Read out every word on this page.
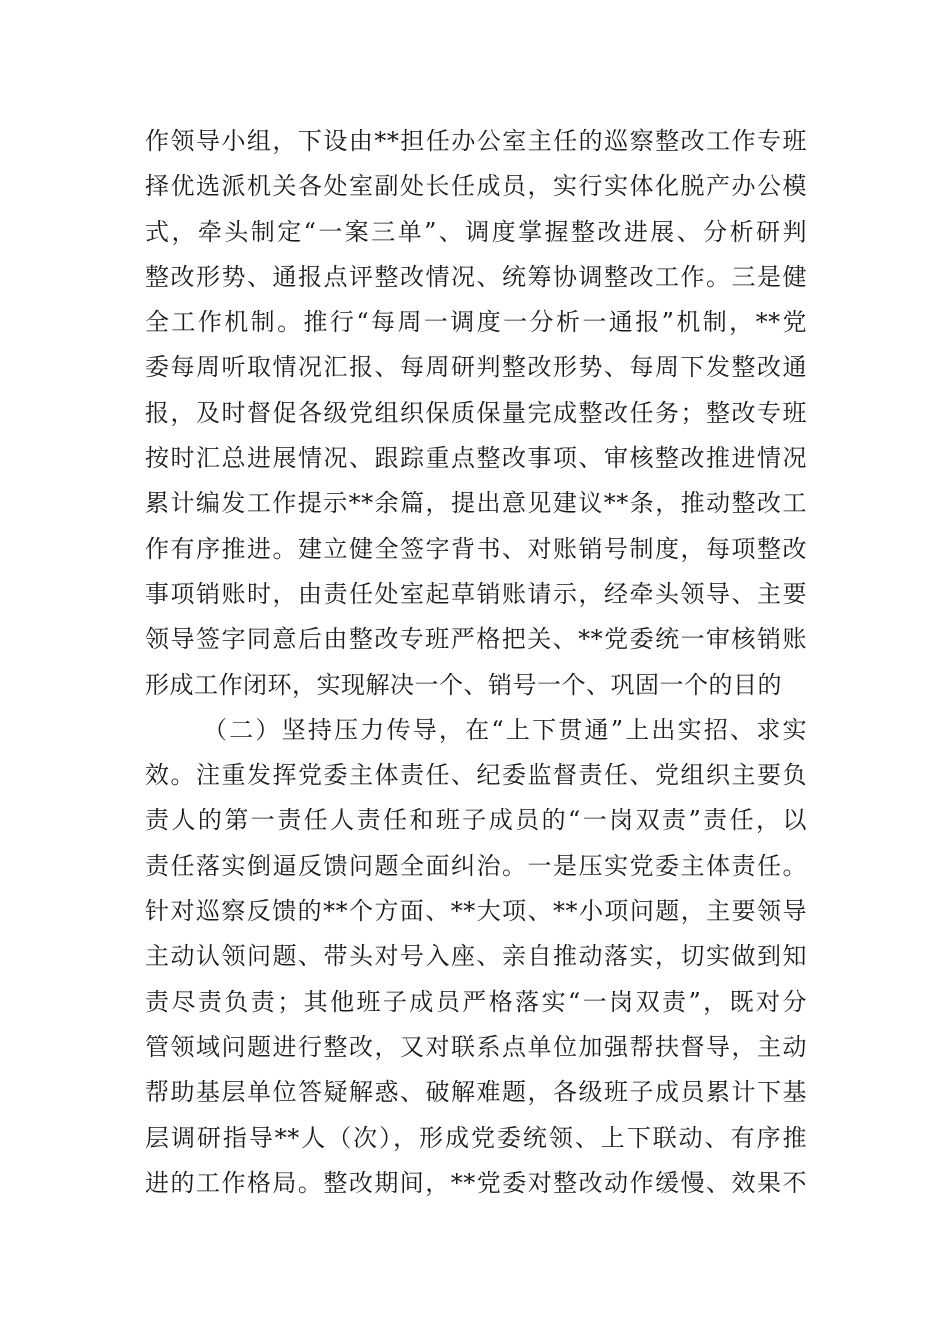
作领导小组，下设由**担任办公室主任的巡察整改工作专班
择优选派机关各处室副处长任成员，实行实体化脱产办公模
式，牵头制定“一案三单”、调度掌握整改进展、分析研判
整改形势、通报点评整改情况、统筹协调整改工作。三是健
全工作机制。推行“每周一调度一分析一通报”机制，**党
委每周听取情况汇报、每周研判整改形势、每周下发整改通
报，及时督促各级党组织保质保量完成整改任务；整改专班
按时汇总进展情况、跟踪重点整改事项、审核整改推进情况
累计编发工作提示**余篇，提出意见建议**条，推动整改工
作有序推进。建立健全签字背书、对账销号制度，每项整改
事项销账时，由责任处室起草销账请示，经牵头领导、主要
领导签字同意后由整改专班严格把关、**党委统一审核销账
形成工作闭环，实现解决一个、销号一个、巩固一个的目的
（二）坚持压力传导，在“上下贯通”上出实招、求实
效。注重发挥党委主体责任、纪委监督责任、党组织主要负
责人的第一责任人责任和班子成员的“一岗双责”责任，以
责任落实倒逼反馈问题全面纠治。一是压实党委主体责任。
针对巡察反馈的**个方面、**大项、**小项问题，主要领导
主动认领问题、带头对号入座、亲自推动落实，切实做到知
责尽责负责；其他班子成员严格落实“一岗双责”，既对分
管领域问题进行整改，又对联系点单位加强帮扶督导，主动
帮助基层单位答疑解惑、破解难题，各级班子成员累计下基
层调研指导**人（次），形成党委统领、上下联动、有序推
进的工作格局。整改期间，**党委对整改动作缓慢、效果不
